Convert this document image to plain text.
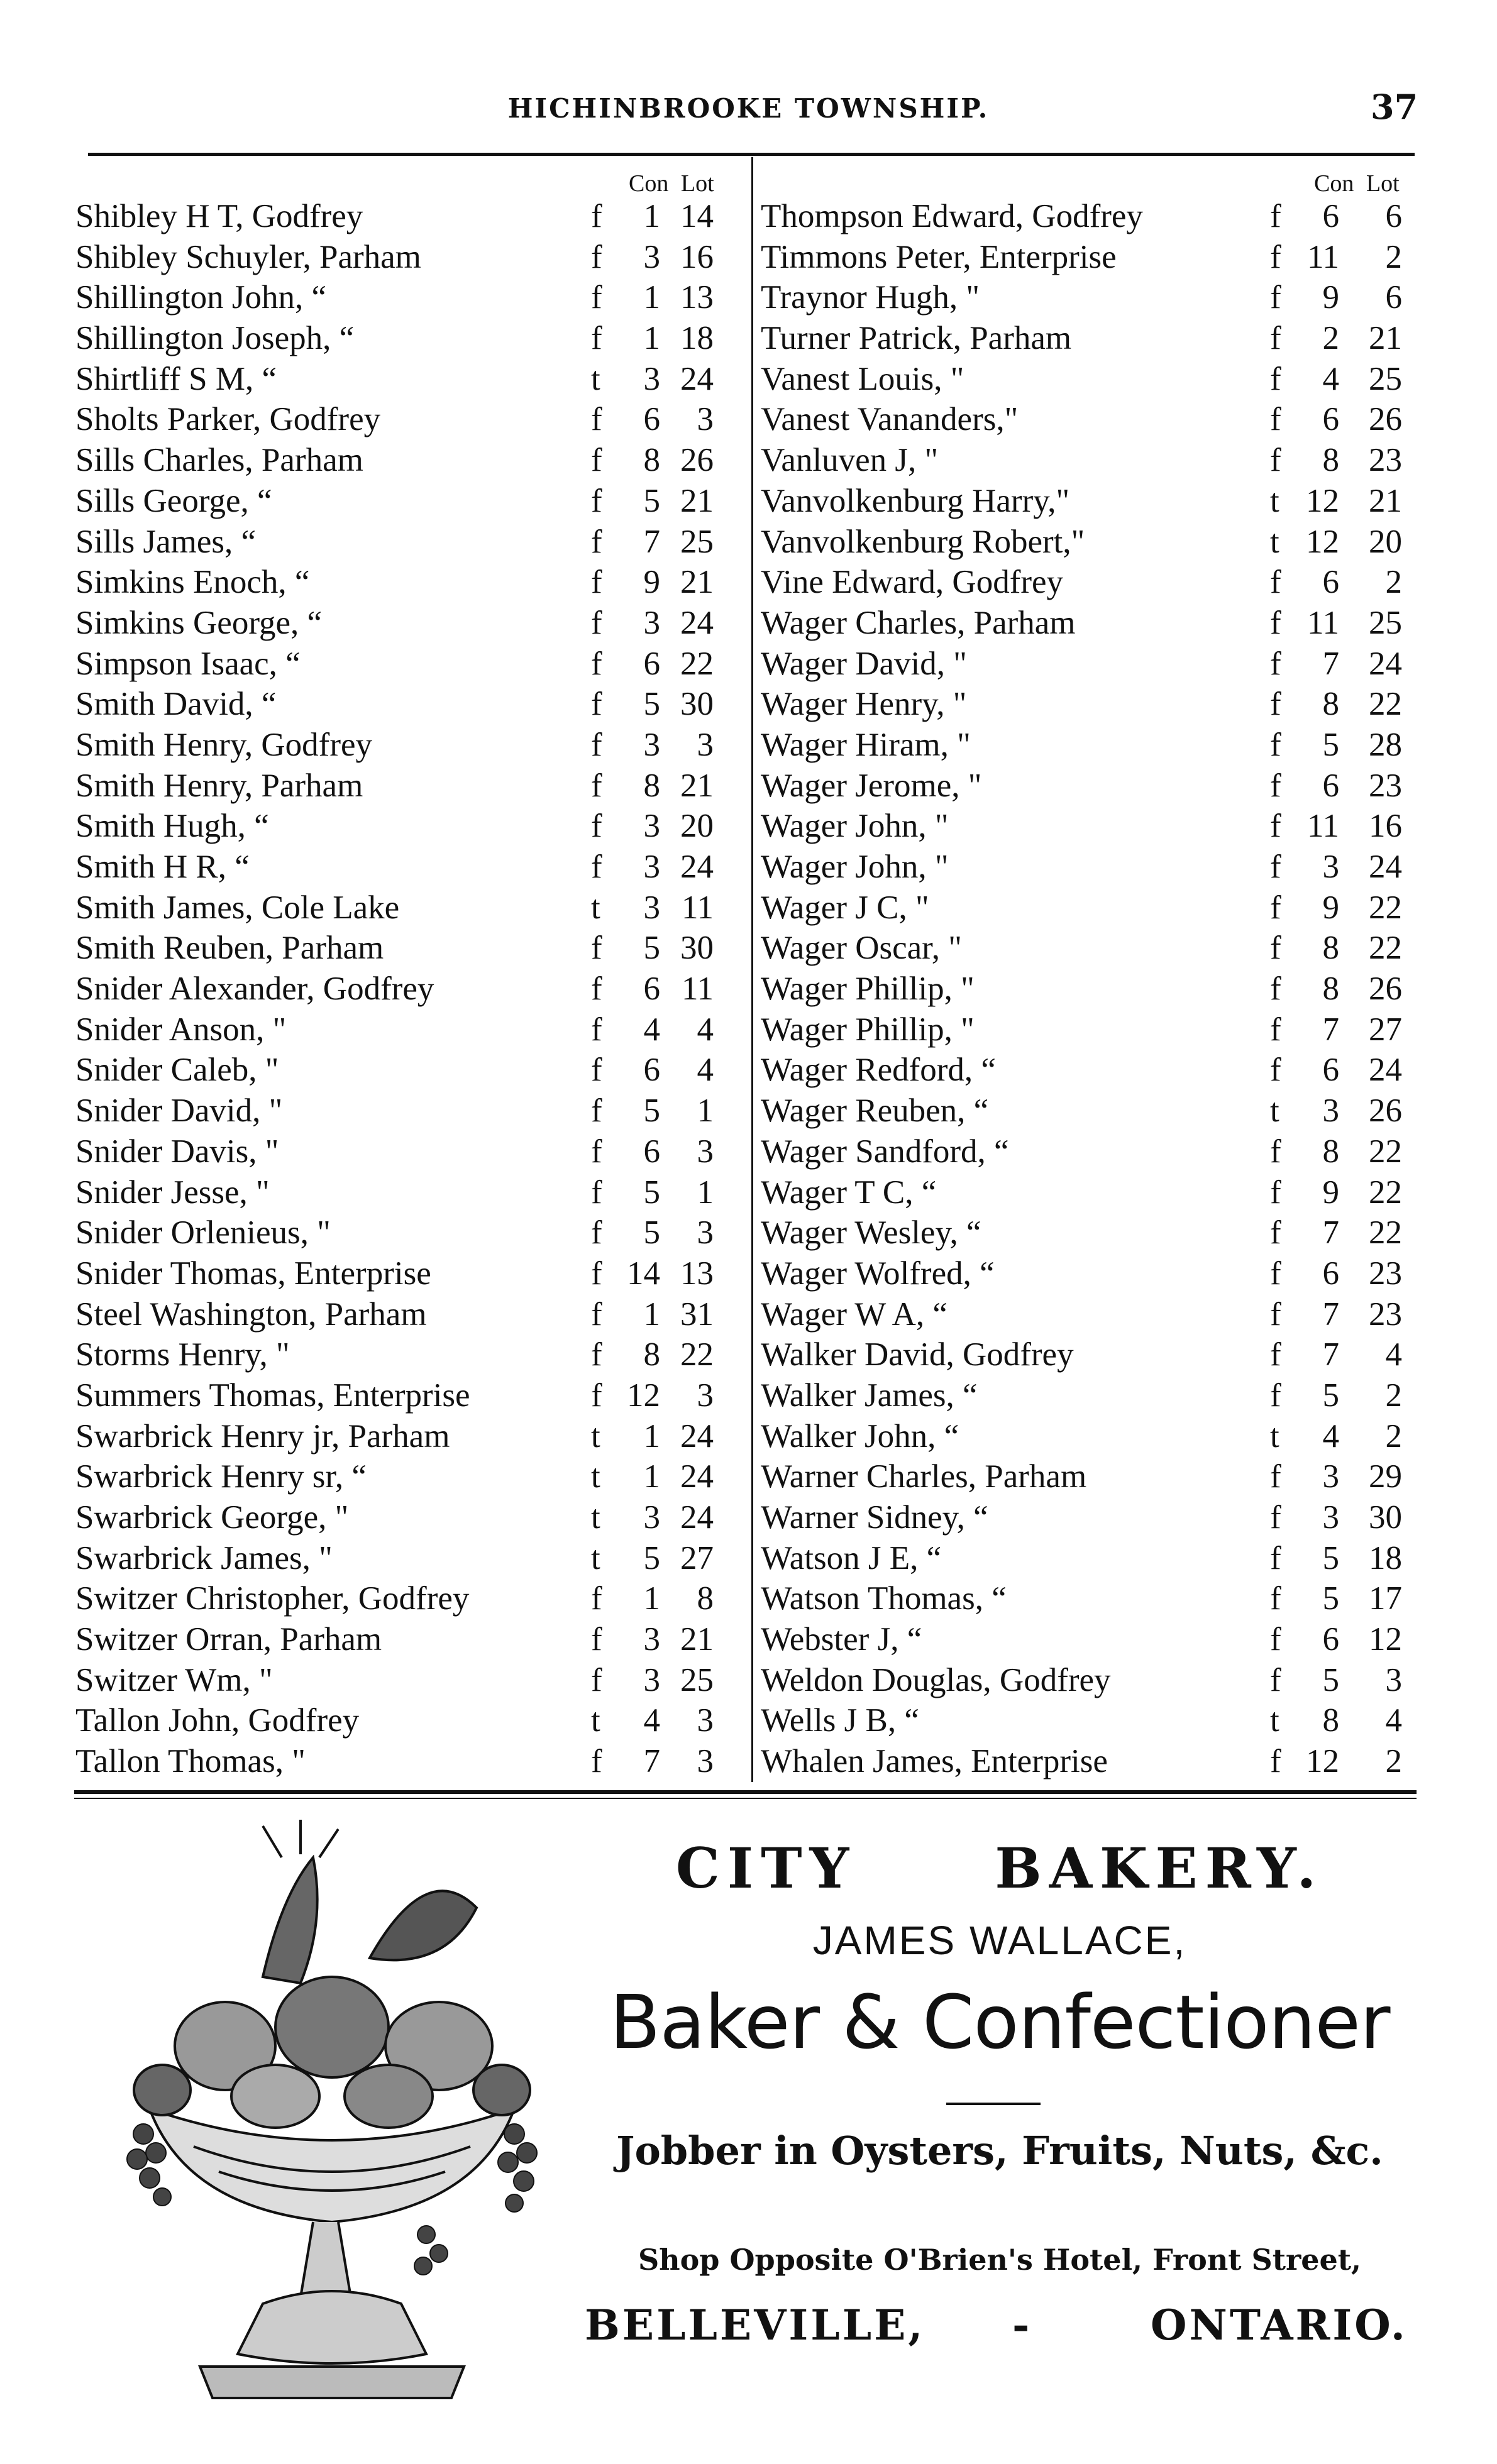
HICHINBROOKE TOWNSHIP.	37
Con Lot	Con Lot
Shibley H T, Godfrey	f	1 14
Shibley Schuyler, Parham	f	3 16
Shillington John, “	f	1 13
Shillington Joseph, “	f	1 18
Shirtliff S M, “	t	3 24
Sholts Parker, Godfrey	f	6	3
Sills Charles, Parham	f	8 26
Sills George, “	f	5 21
Sills James, “	f	7 25
Simkins Enoch, “	f	9 21
Simkins George, “	f	3 24
Simpson Isaac, “	f	6 22
Smith David, “	f	5 30
Smith Henry, Godfrey	f	3	3
Smith Henry, Parham	f	8 21
Smith Hugh, “	f	3 20
Smith H R, “	f	3 24
Smith James, Cole Lake	t	3 11
Smith Reuben, Parham	f	5 30
Snider Alexander, Godfrey	f	6 11
Snider Anson, "	f	4	4
Snider Caleb, "	f	6	4
Snider David, "	f	5	1
Snider Davis, "	f	6	3
Snider Jesse, "	f	5	1
Snider Orlenieus, "	f	5	3
Snider Thomas, Enterprise	f 14 13
Steel Washington, Parham	f	1 31
Storms Henry, "	f	8 22
Summers Thomas, Enterprise	f 12	3
Swarbrick Henry jr, Parham	t	1 24
Swarbrick Henry sr, “	t	1 24
Swarbrick George, "	t	3 24
Swarbrick James, "	t	5 27
Switzer Christopher, Godfrey	f	1	8
Switzer Orran, Parham	f	3 21
Switzer Wm, "	f	3 25
Tallon John, Godfrey	t	4	3
Tallon Thomas, "	f	7	3
Thompson Edward, Godfrey	f	6	6
Timmons Peter, Enterprise	f 11	2
Traynor Hugh, "	f	9	6
Turner Patrick, Parham	f	2 21
Vanest Louis, "	f	4 25
Vanest Vananders,"	f	6 26
Vanluven J, "	f	8 23
Vanvolkenburg Harry,"	t 12 21
Vanvolkenburg Robert,"	t 12 20
Vine Edward, Godfrey	f	6	2
Wager Charles, Parham	f 11 25
Wager David, "	f	7 24
Wager Henry, "	f	8 22
Wager Hiram, "	f	5 28
Wager Jerome, "	f	6 23
Wager John, "	f 11 16
Wager John, "	f	3 24
Wager J C, "	f	9 22
Wager Oscar, "	f	8 22
Wager Phillip, "	f	8 26
Wager Phillip, "	f	7 27
Wager Redford, “	f	6 24
Wager Reuben, “	t	3 26
Wager Sandford, “	f	8 22
Wager T C, “	f	9 22
Wager Wesley, “	f	7 22
Wager Wolfred, “	f	6 23
Wager W A, “	f	7 23
Walker David, Godfrey	f	7	4
Walker James, “	f	5	2
Walker John, “	t	4	2
Warner Charles, Parham	f	3 29
Warner Sidney, “	f	3 30
Watson J E, “	f	5 18
Watson Thomas, “	f	5 17
Webster J, “	f	6 12
Weldon Douglas, Godfrey	f	5	3
Wells J B, “	t	8	4
Whalen James, Enterprise	f 12	2
CITY	BAKERY.
JAMES WALLACE,
Baker & Confectioner
Jobber in Oysters, Fruits, Nuts, &c.
Shop Opposite O'Brien's Hotel, Front Street,
BELLEVILLE, -	ONTARIO.
